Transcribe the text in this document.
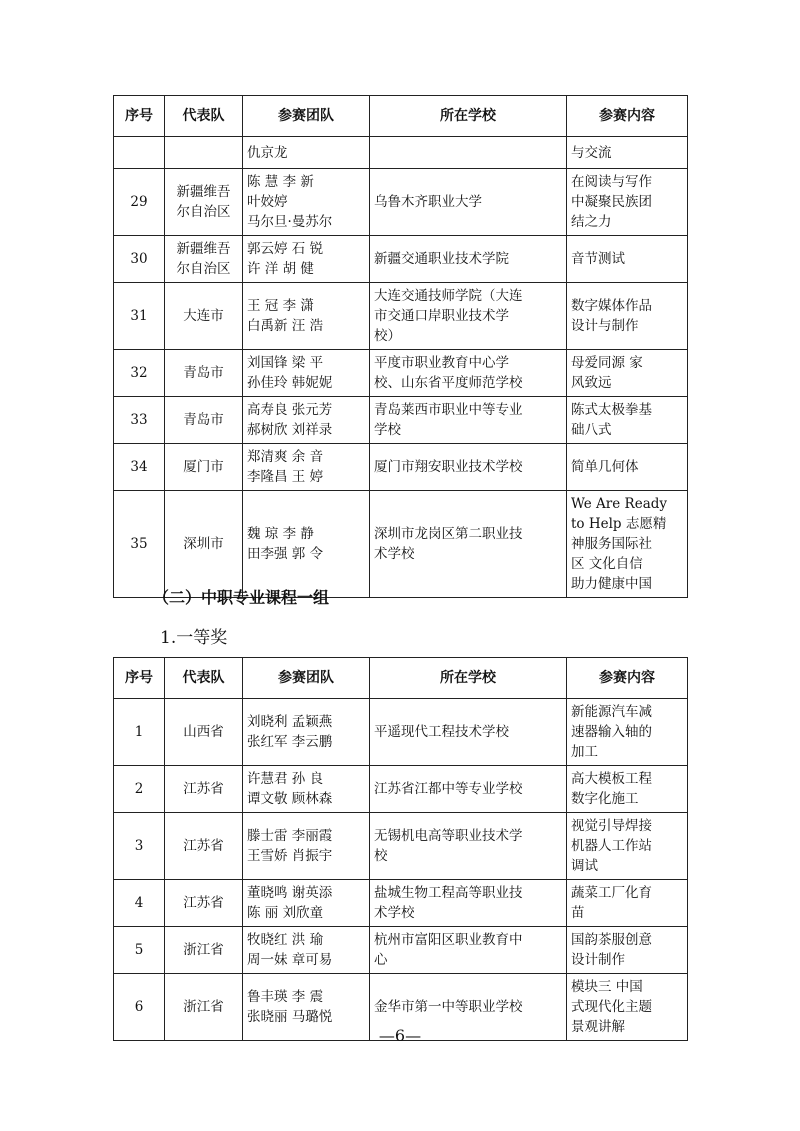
序号	代表队	参赛团队	所在学校	参赛内容

		仇京龙		与交流

29	新疆维吾
尔自治区	陈 慧 李 新
叶姣婷
马尔旦·曼苏尔	乌鲁木齐职业大学	在阅读与写作
中凝聚民族团
结之力

30	新疆维吾
尔自治区	郭云婷 石 锐
许 洋 胡 健	新疆交通职业技术学院	音节测试

31	大连市	王 冠 李 潇
白禹新 汪 浩	大连交通技师学院（大连
市交通口岸职业技术学
校）	数字媒体作品
设计与制作

32	青岛市	刘国锋 梁 平
孙佳玲 韩妮妮	平度市职业教育中心学
校、山东省平度师范学校	母爱同源 家
风致远

33	青岛市	高寿良 张元芳
郝树欣 刘祥录	青岛莱西市职业中等专业
学校	陈式太极拳基
础八式

34	厦门市	郑清爽 余 音
李隆昌 王 婷	厦门市翔安职业技术学校	简单几何体

35	深圳市	魏 琼 李 静
田李强 郭 令	深圳市龙岗区第二职业技
术学校	We Are Ready
to Help 志愿精
神服务国际社
区 文化自信
助力健康中国
（二）中职专业课程一组
1.一等奖
序号	代表队	参赛团队	所在学校	参赛内容
1	山西省	刘晓利 孟颖燕
张红军 李云鹏	平遥现代工程技术学校	新能源汽车减
速器输入轴的
加工

2	江苏省	许慧君 孙 良
谭文敬 顾林森	江苏省江都中等专业学校	高大模板工程
数字化施工

3	江苏省	滕士雷 李丽霞
王雪娇 肖振宇	无锡机电高等职业技术学
校	视觉引导焊接
机器人工作站
调试

4	江苏省	董晓鸣 谢英添
陈 丽 刘欣童	盐城生物工程高等职业技
术学校	蔬菜工厂化育
苗

5	浙江省	牧晓红 洪 瑜
周一妹 章可易	杭州市富阳区职业教育中
心	国韵茶服创意
设计制作

6	浙江省	鲁丰瑛 李 震
张晓丽 马璐悦	金华市第一中等职业学校	模块三 中国
式现代化主题
景观讲解
—6—
